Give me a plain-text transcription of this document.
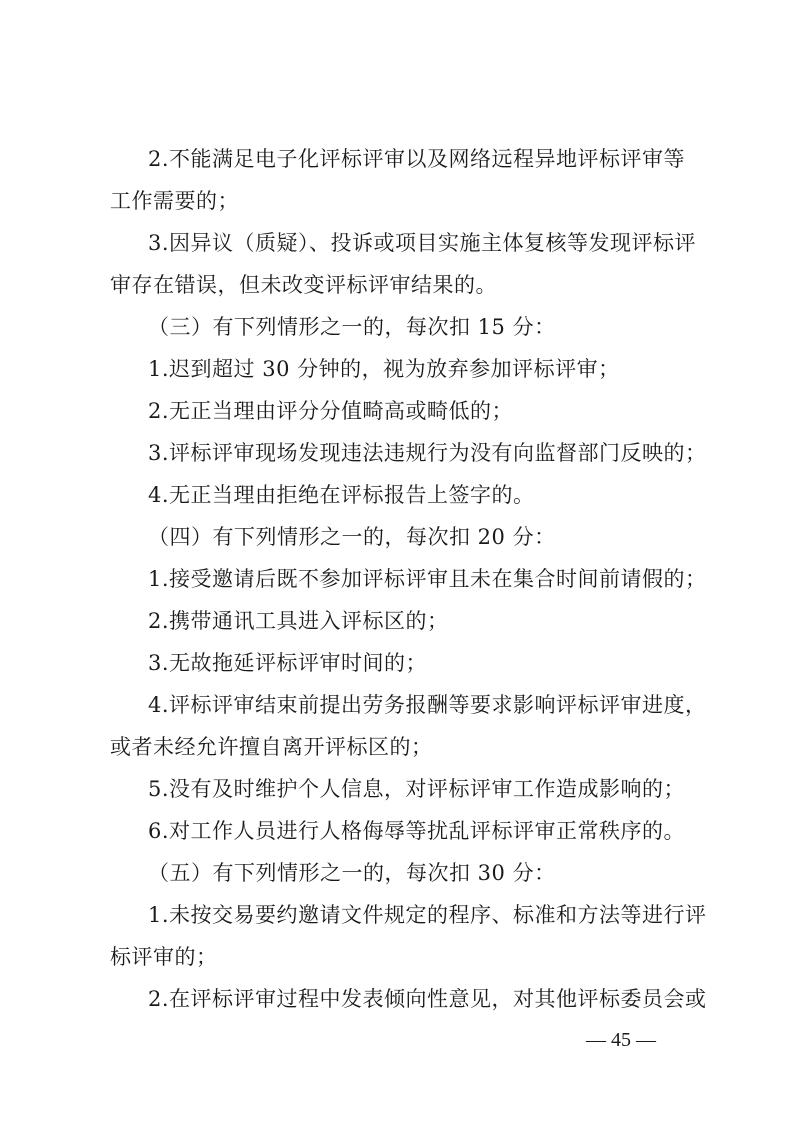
2.不能满足电子化评标评审以及网络远程异地评标评审等
工作需要的；
3.因异议（质疑）、投诉或项目实施主体复核等发现评标评
审存在错误，但未改变评标评审结果的。
（三）有下列情形之一的，每次扣 15 分：
1.迟到超过 30 分钟的，视为放弃参加评标评审；
2.无正当理由评分分值畸高或畸低的；
3.评标评审现场发现违法违规行为没有向监督部门反映的；
4.无正当理由拒绝在评标报告上签字的。
（四）有下列情形之一的，每次扣 20 分：
1.接受邀请后既不参加评标评审且未在集合时间前请假的；
2.携带通讯工具进入评标区的；
3.无故拖延评标评审时间的；
4.评标评审结束前提出劳务报酬等要求影响评标评审进度，
或者未经允许擅自离开评标区的；
5.没有及时维护个人信息，对评标评审工作造成影响的；
6.对工作人员进行人格侮辱等扰乱评标评审正常秩序的。
（五）有下列情形之一的，每次扣 30 分：
1.未按交易要约邀请文件规定的程序、标准和方法等进行评
标评审的；
2.在评标评审过程中发表倾向性意见，对其他评标委员会或
— 45 —
